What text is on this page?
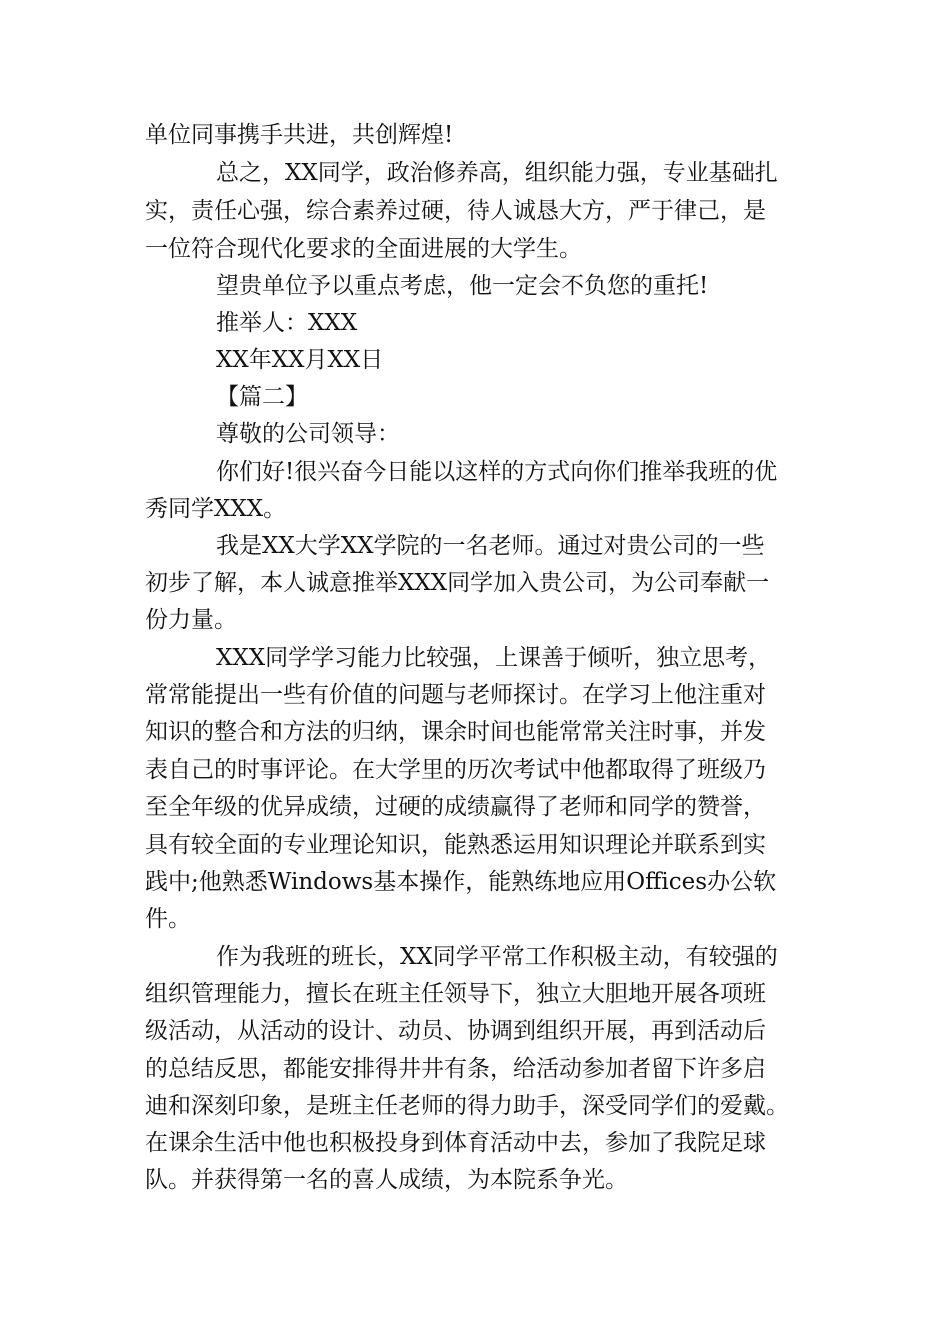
单位同事携手共进，共创辉煌!
总之，XX同学，政治修养高，组织能力强，专业基础扎
实，责任心强，综合素养过硬，待人诚恳大方，严于律己，是
一位符合现代化要求的全面进展的大学生。
望贵单位予以重点考虑，他一定会不负您的重托!
推举人：XXX
XX年XX月XX日
【篇二】
尊敬的公司领导：
你们好!很兴奋今日能以这样的方式向你们推举我班的优
秀同学XXX。
我是XX大学XX学院的一名老师。通过对贵公司的一些
初步了解，本人诚意推举XXX同学加入贵公司，为公司奉献一
份力量。
XXX同学学习能力比较强，上课善于倾听，独立思考，
常常能提出一些有价值的问题与老师探讨。在学习上他注重对
知识的整合和方法的归纳，课余时间也能常常关注时事，并发
表自己的时事评论。在大学里的历次考试中他都取得了班级乃
至全年级的优异成绩，过硬的成绩赢得了老师和同学的赞誉，
具有较全面的专业理论知识，能熟悉运用知识理论并联系到实
践中;他熟悉Windows基本操作，能熟练地应用Offices办公软
件。
作为我班的班长，XX同学平常工作积极主动，有较强的
组织管理能力，擅长在班主任领导下，独立大胆地开展各项班
级活动，从活动的设计、动员、协调到组织开展，再到活动后
的总结反思，都能安排得井井有条，给活动参加者留下许多启
迪和深刻印象，是班主任老师的得力助手，深受同学们的爱戴。
在课余生活中他也积极投身到体育活动中去，参加了我院足球
队。并获得第一名的喜人成绩，为本院系争光。
